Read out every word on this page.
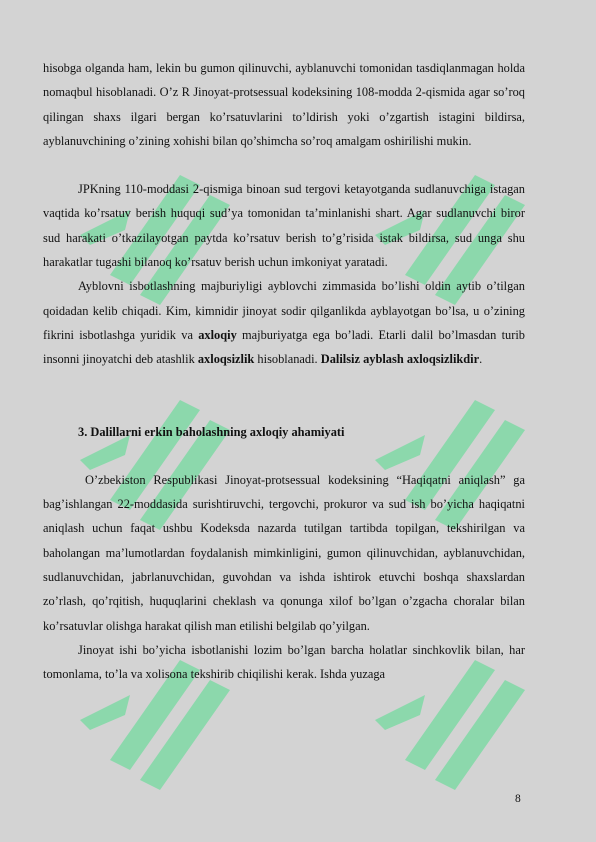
hisobga olganda ham, lekin bu gumon qilinuvchi, ayblanuvchi tomonidan tasdiqlanmagan holda nomaqbul hisoblanadi. O’z R Jinoyat-protsessual kodeksining 108-modda 2-qismida agar so’roq qilingan shaxs ilgari bergan ko’rsatuvlarini to’ldirish yoki o’zgartish istagini bildirsa, ayblanuvchining o’zining xohishi bilan qo’shimcha so’roq amalgam oshirilishi mukin.

JPKning 110-moddasi 2-qismiga binoan sud tergovi ketayotganda sudlanuvchiga istagan vaqtida ko’rsatuv berish huquqi sud’ya tomonidan ta’minlanishi shart. Agar sudlanuvchi biror sud harakati o’tkazilayotgan paytda ko’rsatuv berish to’g’risida istak bildirsa, sud unga shu harakatlar tugashi bilanoq ko’rsatuv berish uchun imkoniyat yaratadi.

Ayblovni isbotlashning majburiyligi ayblovchi zimmasida bo’lishi oldin aytib o’tilgan qoidadan kelib chiqadi. Kim, kimnidir jinoyat sodir qilganlikda ayblayotgan bo’lsa, u o’zining fikrini isbotlashga yuridik va axloqiy majburiyatga ega bo’ladi. Etarli dalil bo’lmasdan turib insonni jinoyatchi deb atashlik axloqsizlik hisoblanadi. Dalilsiz ayblash axloqsizlikdir.

3. Dalillarni erkin baholashning axloqiy ahamiyati

O’zbekiston Respublikasi Jinoyat-protsessual kodeksining “Haqiqatni aniqlash” ga bag’ishlangan 22-moddasida surishtiruvchi, tergovchi, prokuror va sud ish bo’yicha haqiqatni aniqlash uchun faqat ushbu Kodeksda nazarda tutilgan tartibda topilgan, tekshirilgan va baholangan ma’lumotlardan foydalanish mimkinligini, gumon qilinuvchidan, ayblanuvchidan, sudlanuvchidan, jabrlanuvchidan, guvohdan va ishda ishtirok etuvchi boshqa shaxslardan zo’rlash, qo’rqitish, huquqlarini cheklash va qonunga xilof bo’lgan o’zgacha choralar bilan ko’rsatuvlar olishga harakat qilish man etilishi belgilab qo’yilgan.

Jinoyat ishi bo’yicha isbotlanishi lozim bo’lgan barcha holatlar sinchkovlik bilan, har tomonlama, to’la va xolisona tekshirib chiqilishi kerak. Ishda yuzaga

8
